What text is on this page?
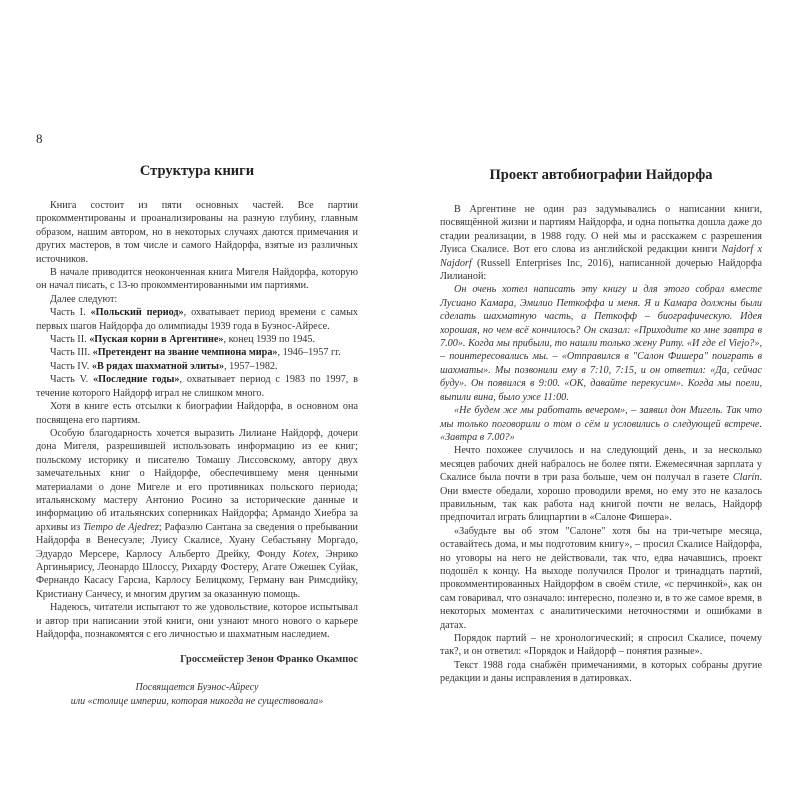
8
Структура книги

Книга состоит из пяти основных частей. Все партии прокомментированы и проанализированы на разную глубину, главным образом, нашим автором, но в некоторых случаях даются примечания и других мастеров, в том числе и самого Найдорфа, взятые из различных источников.

В начале приводится неоконченная книга Мигеля Найдорфа, которую он начал писать, с 13-ю прокомментированными им партиями.

Далее следуют:

Часть I. «Польский период», охватывает период времени с самых первых шагов Найдорфа до олимпиады 1939 годa в Буэнос-Айресе.

Часть II. «Пуская корни в Аргентине», конец 1939 по 1945.

Часть III. «Претендент на звание чемпиона мира», 1946–1957 гг.

Часть IV. «В рядах шахматной элиты», 1957–1982.

Часть V. «Последние годы», охватывает период с 1983 по 1997, в течение которого Найдорф играл не слишком много.

Хотя в книге есть отсылки к биографии Найдорфа, в основном она посвящена его партиям.

Особую благодарность хочется выразить Лилиане Найдорф, дочери дона Мигеля, разрешившей использовать информацию из ее книг; польскому историку и писателю Томашу Лиссовскому, автору двух замечательных книг о Найдорфе, обеспечившему меня ценными материалами о доне Мигеле и его противниках польского периода; итальянскому мастеру Антонио Росино за исторические данные и информацию об итальянских соперниках Найдорфа; Армандо Хиебра за архивы из Tiempo de Ajedrez; Рафаэлю Сантана за сведения о пребывании Найдорфа в Венесуэле; Луису Скалисе, Хуану Себастьяну Моргадо, Эдуардо Мерсере, Карлосу Альберто Дрейку, Фонду Kotex, Энрико Аргиньярису, Леонардо Шлоссу, Рихарду Фостеру, Агате Ожешек Суйак, Фернандо Касасу Гарсиа, Карлосу Белицкому, Герману ван Римсдийку, Кристиану Санчесу, и многим другим за оказанную помощь.

Надеюсь, читатели испытают то же удовольствие, которое испытывал и автор при написании этой книги, они узнают много нового о карьере Найдорфа, познакомятся с его личностью и шахматным наследием.

Гроссмейстер Зенон Франко Окампос

Посвящается Буэнос-Айресу
или «столице империи, которая никогда не существовала»

Проект автобиографии Найдорфа

В Аргентине не один раз задумывались о написании книги, посвящённой жизни и партиям Найдорфа, и одна попытка дошла даже до стадии реализации, в 1988 году. О ней мы и расскажем с разрешения Луиса Скалисе. Вот его слова из английской редакции книги Najdorf x Najdorf (Russell Enterprises Inc, 2016), написанной дочерью Найдорфа Лилианой:

Он очень хотел написать эту книгу и для этого собрал вместе Лусиано Камара, Эмилио Петкоффа и меня. Я и Камара должны были сделать шахматную часть, а Петкофф – биографическую. Идея хорошая, но чем всё кончилось? Он сказал: «Приходите ко мне завтра в 7.00». Когда мы прибыли, то нашли только жену Риту. «И где el Viejo?», – поинтересовались мы. – «Отправился в "Салон Фишера" поиграть в шахматы». Мы позвонили ему в 7:10, 7:15, и он ответил: «Да, сейчас буду». Он появился в 9:00. «ОК, давайте перекусим». Когда мы поели, выпили вина, было уже 11:00.

«Не будем же мы работать вечером», – заявил дон Мигель. Так что мы только поговорили о том о сём и условились о следующей встрече. «Завтра в 7.00?»

Нечто похожее случилось и на следующий день, и за несколько месяцев рабочих дней набралось не более пяти. Ежемесячная зарплата у Скалисе была почти в три раза больше, чем он получал в газете Clarín. Они вместе обедали, хорошо проводили время, но ему это не казалось правильным, так как работа над книгой почти не велась, Найдорф предпочитал играть блицпартии в «Салоне Фишера».

«Забудьте вы об этом "Салоне" хотя бы на три-четыре месяца, оставайтесь дома, и мы подготовим книгу», – просил Скалисе Найдорфа, но уговоры на него не действовали, так что, едва начавшись, проект подошёл к концу. На выходе получился Пролог и тринадцать партий, прокомментированных Найдорфом в своём стиле, «с перчинкой», как он сам говаривал, что означало: интересно, полезно и, в то же самое время, в некоторых моментах с аналитическими неточностями и ошибками в датах.

Порядок партий – не хронологический; я спросил Скалисе, почему так?, и он ответил: «Порядок и Найдорф – понятия разные».

Текст 1988 года снабжён примечаниями, в которых собраны другие редакции и даны исправления в датировках.
